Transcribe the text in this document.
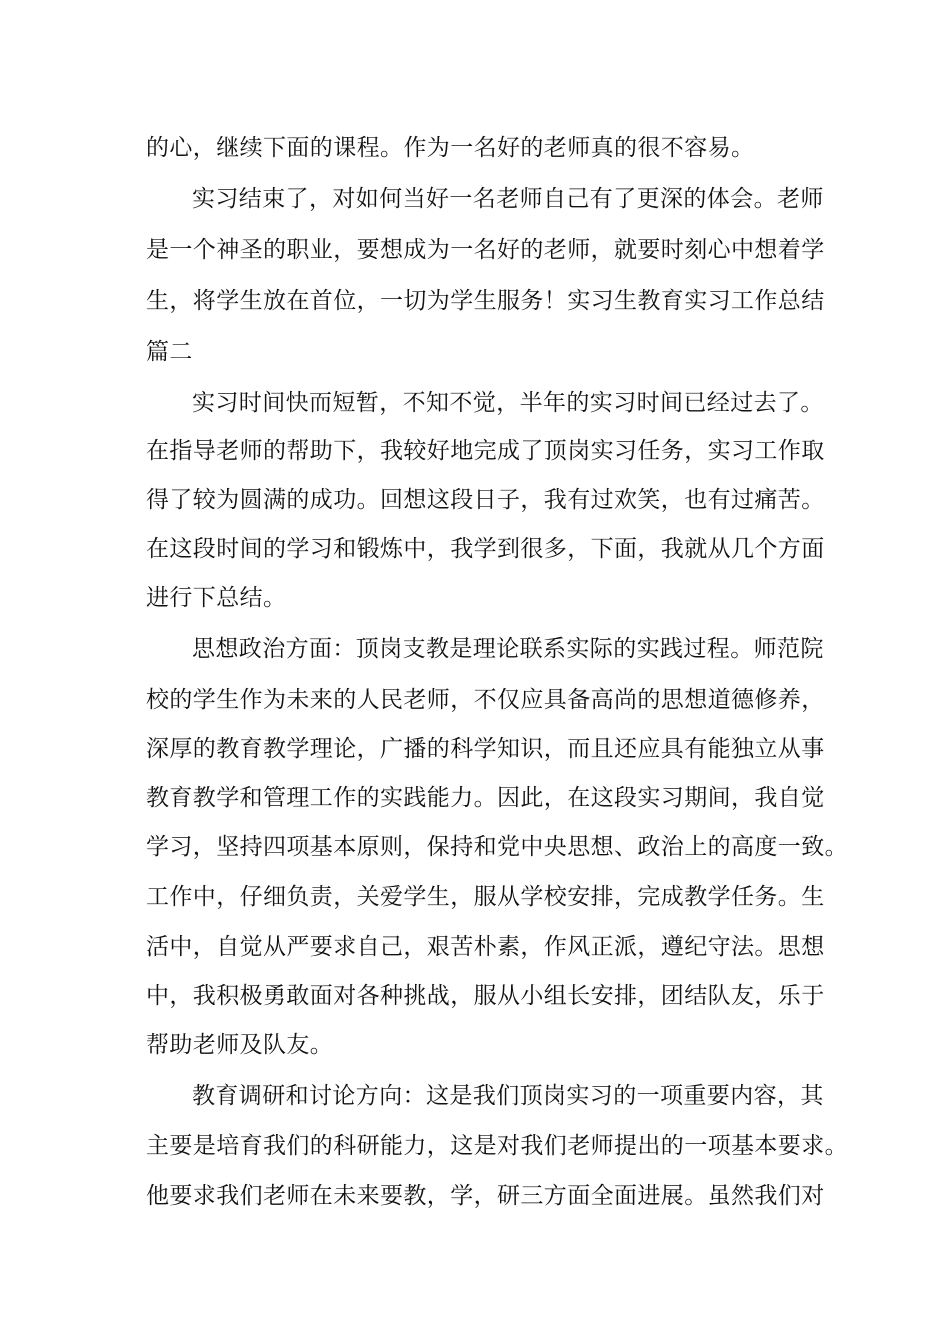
的心，继续下面的课程。作为一名好的老师真的很不容易。
实习结束了，对如何当好一名老师自己有了更深的体会。老师
是一个神圣的职业，要想成为一名好的老师，就要时刻心中想着学
生，将学生放在首位，一切为学生服务！实习生教育实习工作总结
篇二
实习时间快而短暂，不知不觉，半年的实习时间已经过去了。
在指导老师的帮助下，我较好地完成了顶岗实习任务，实习工作取
得了较为圆满的成功。回想这段日子，我有过欢笑，也有过痛苦。
在这段时间的学习和锻炼中，我学到很多，下面，我就从几个方面
进行下总结。
思想政治方面：顶岗支教是理论联系实际的实践过程。师范院
校的学生作为未来的人民老师，不仅应具备高尚的思想道德修养，
深厚的教育教学理论，广播的科学知识，而且还应具有能独立从事
教育教学和管理工作的实践能力。因此，在这段实习期间，我自觉
学习，坚持四项基本原则，保持和党中央思想、政治上的高度一致。
工作中，仔细负责，关爱学生，服从学校安排，完成教学任务。生
活中，自觉从严要求自己，艰苦朴素，作风正派，遵纪守法。思想
中，我积极勇敢面对各种挑战，服从小组长安排，团结队友，乐于
帮助老师及队友。
教育调研和讨论方向：这是我们顶岗实习的一项重要内容，其
主要是培育我们的科研能力，这是对我们老师提出的一项基本要求。
他要求我们老师在未来要教，学，研三方面全面进展。虽然我们对
